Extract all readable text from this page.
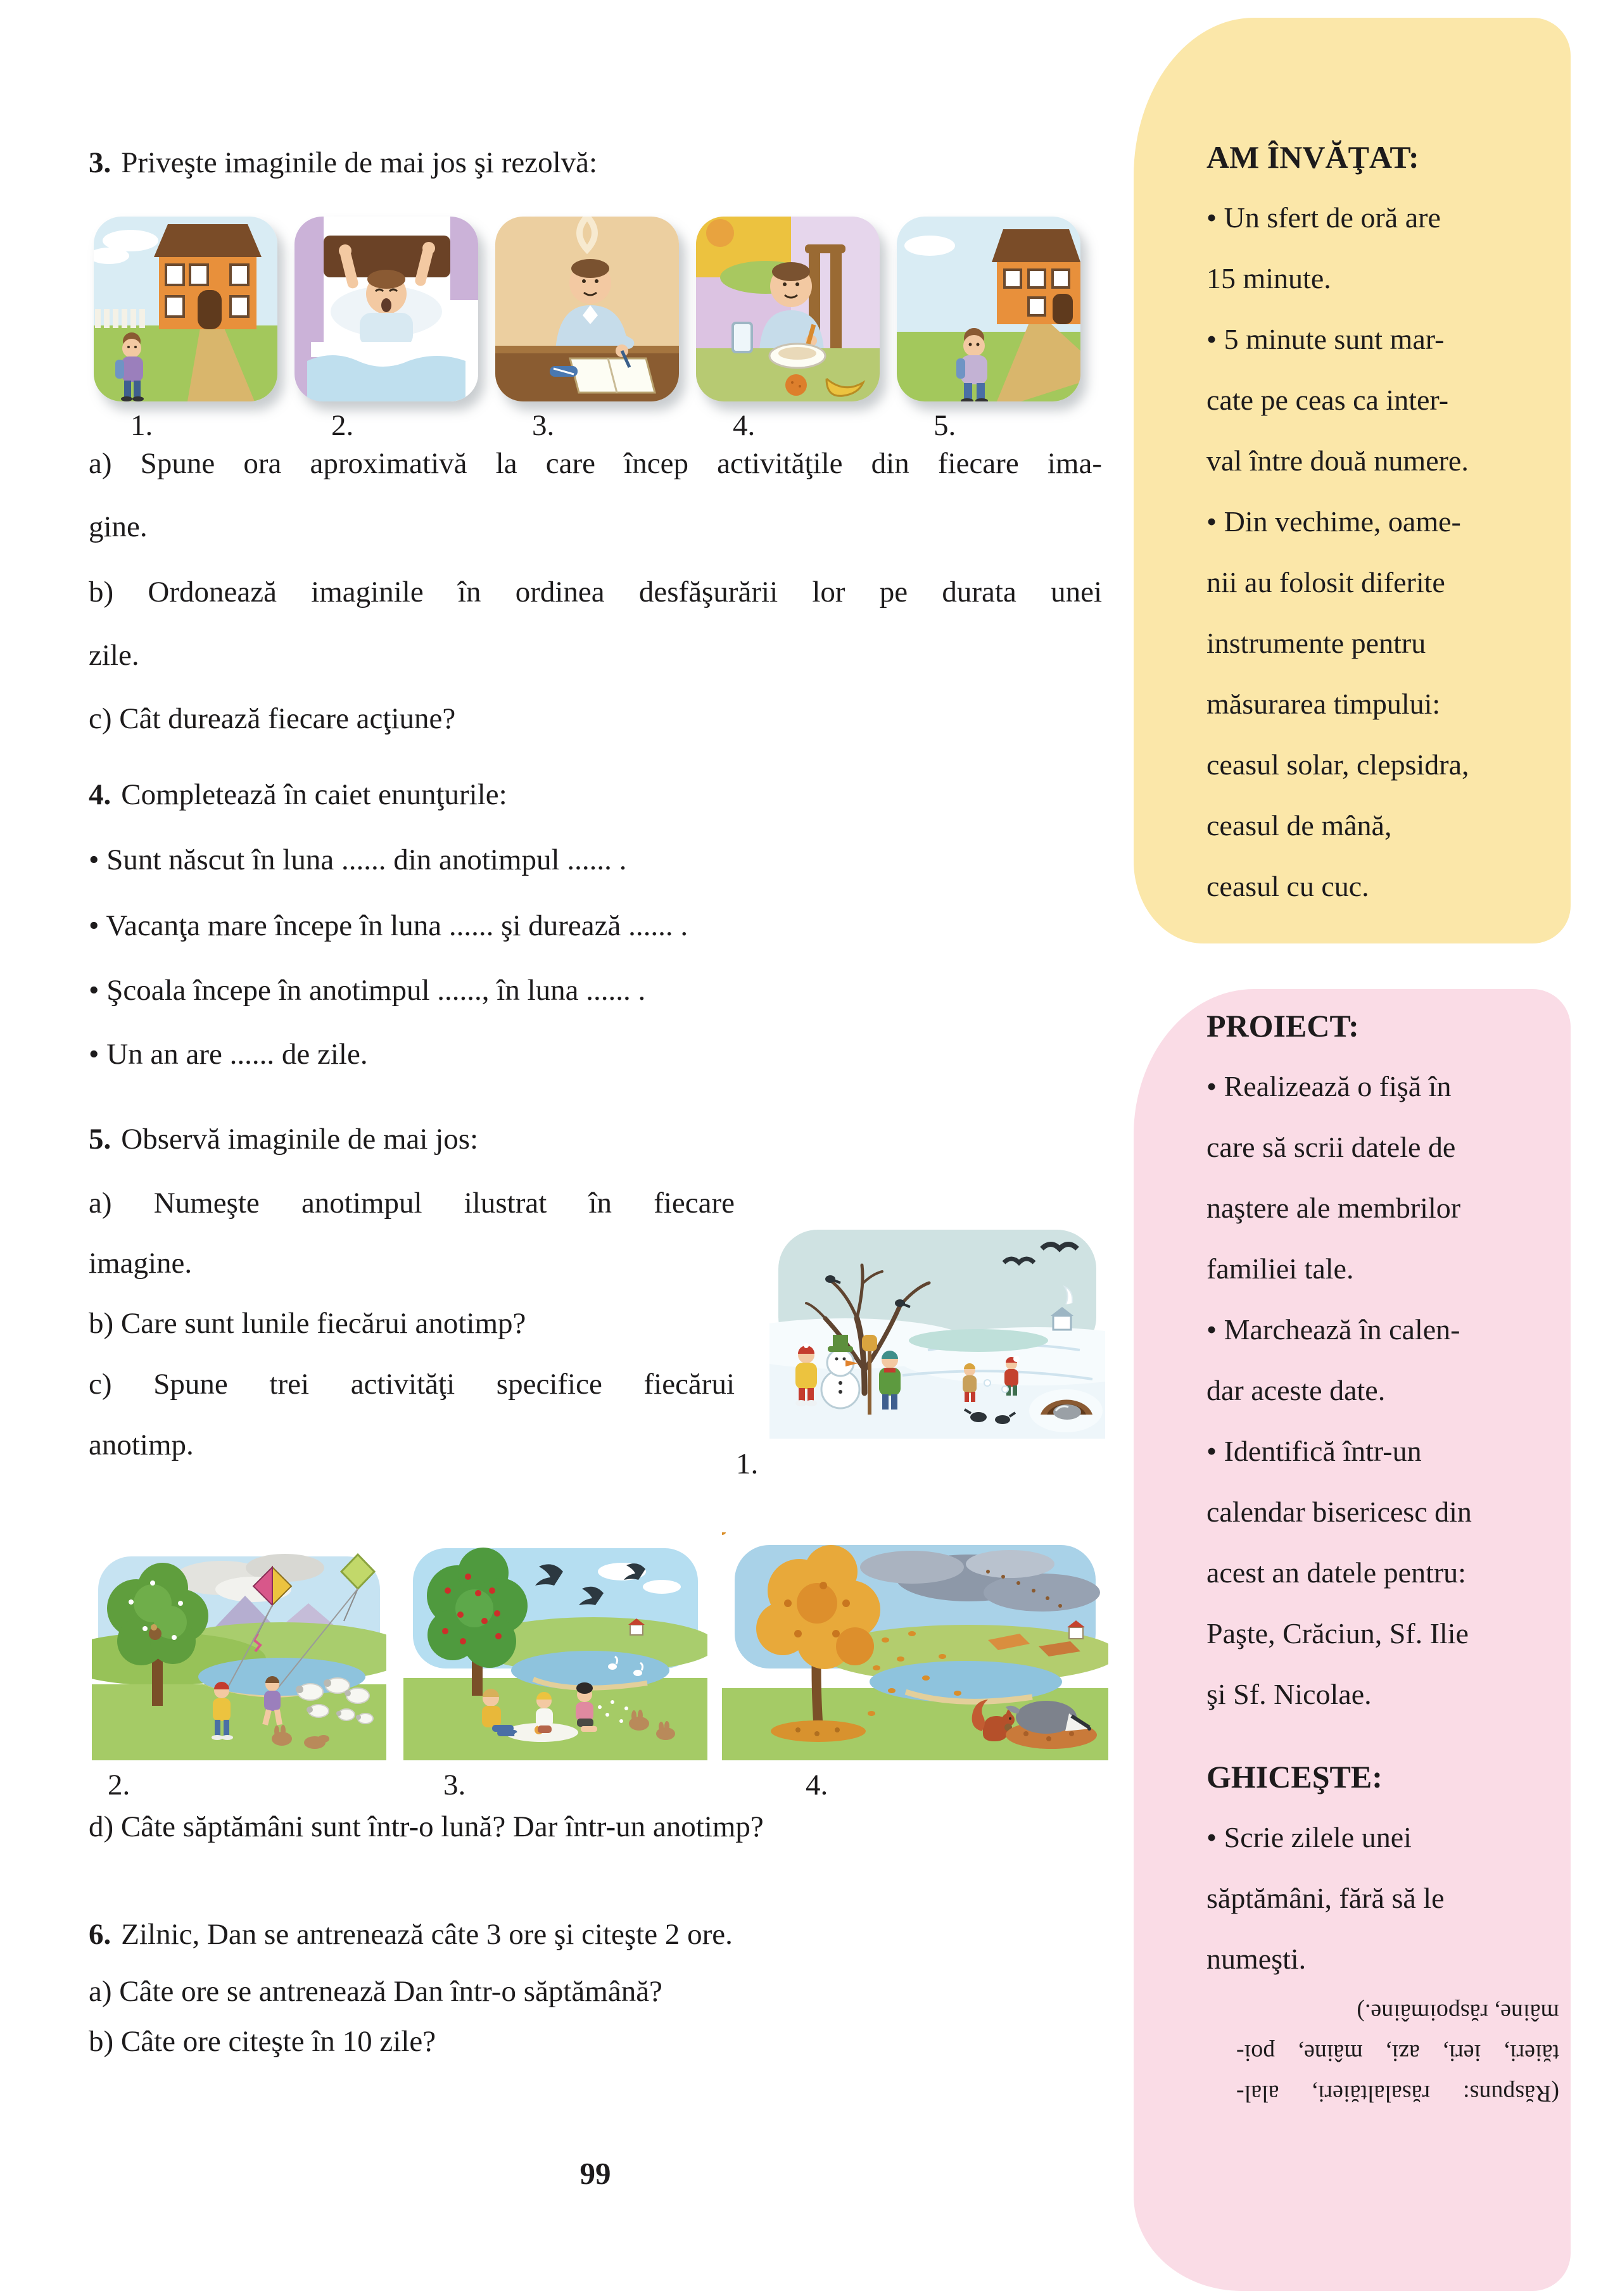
3. Priveşte imaginile de mai jos şi rezolvă:
1.	2.	3.	4.	5.
a) Spune ora aproximativă la care încep activităţile din fiecare ima-
gine.
b) Ordonează imaginile în ordinea desfăşurării lor pe durata unei
zile.
c) Cât durează fiecare acţiune?
4. Completează în caiet enunţurile:
• Sunt născut în luna ...... din anotimpul ...... .
• Vacanţa mare începe în luna ...... şi durează ...... .
• Şcoala începe în anotimpul ......, în luna ...... .
• Un an are ...... de zile.
5. Observă imaginile de mai jos:
a) Numeşte anotimpul ilustrat în fiecare
imagine.
b) Care sunt lunile fiecărui anotimp?
c) Spune trei activităţi specifice fiecărui
anotimp.
1.
2.	3.	4.
d) Câte săptămâni sunt într-o lună? Dar într-un anotimp?
6. Zilnic, Dan se antrenează câte 3 ore şi citeşte 2 ore.
a) Câte ore se antrenează Dan într-o săptămână?
b) Câte ore citeşte în 10 zile?
99
AM ÎNVĂŢAT:
• Un sfert de oră are
15 minute.
• 5 minute sunt mar-
cate pe ceas ca inter-
val între două numere.
• Din vechime, oame-
nii au folosit diferite
instrumente pentru
măsurarea timpului:
ceasul solar, clepsidra,
ceasul de mână,
ceasul cu cuc.
PROIECT:
• Realizează o fişă în
care să scrii datele de
naştere ale membrilor
familiei tale.
• Marchează în calen-
dar aceste date.
• Identifică într-un
calendar bisericesc din
acest an datele pentru:
Paşte, Crăciun, Sf. Ilie
şi Sf. Nicolae.
GHICEŞTE:
• Scrie zilele unei
săptămâni, fără să le
numeşti.
(Răspuns: răsalaltăieri, alal-
tăieri, ieri, azi, mâine, poi-
mâine, răspoimâine.)
